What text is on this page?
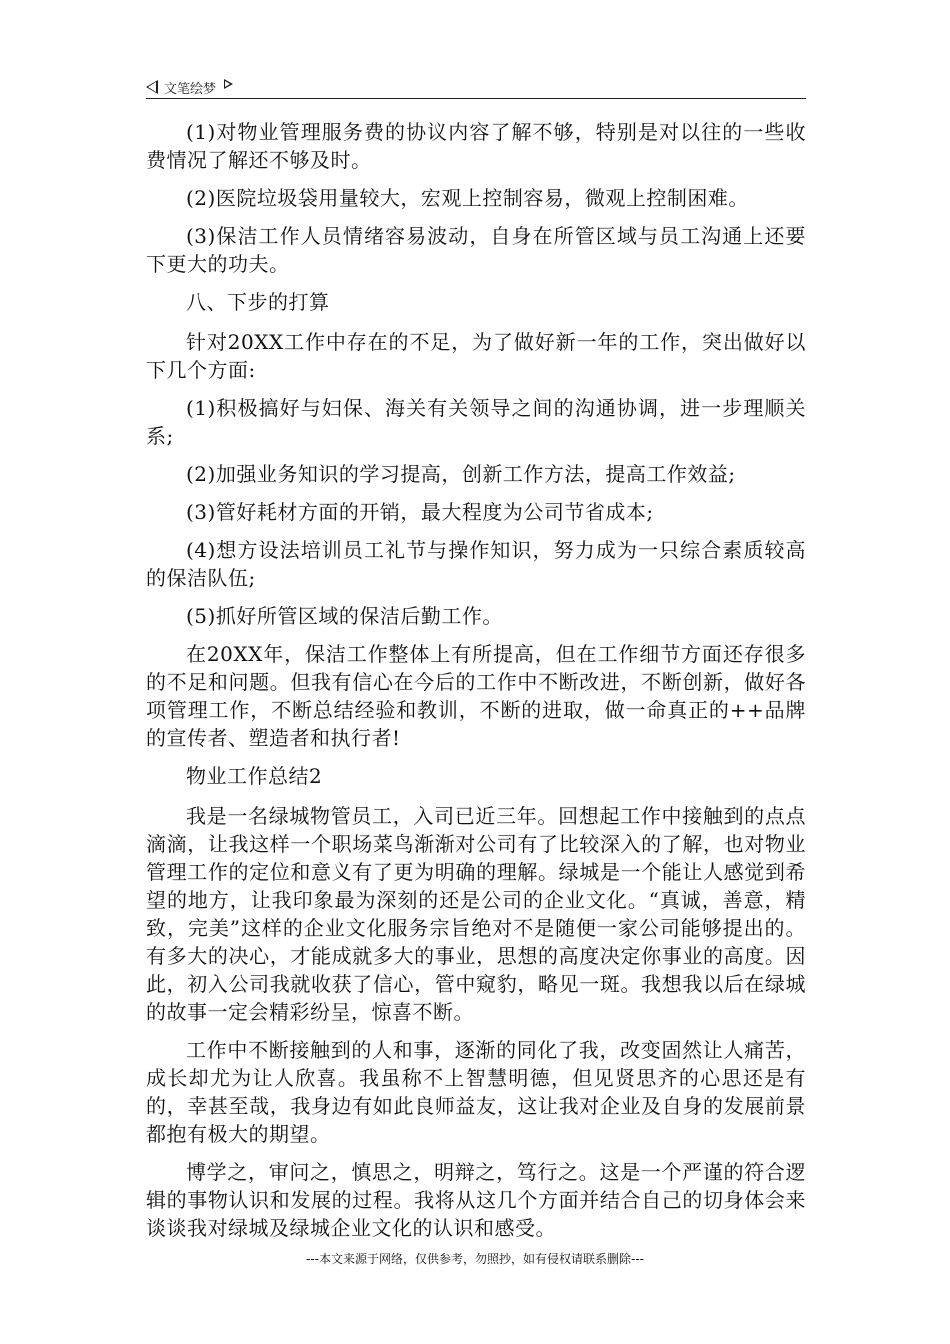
文笔绘梦

(1)对物业管理服务费的协议内容了解不够，特别是对以往的一些收费情况了解还不够及时。

(2)医院垃圾袋用量较大，宏观上控制容易，微观上控制困难。

(3)保洁工作人员情绪容易波动，自身在所管区域与员工沟通上还要下更大的功夫。

八、下步的打算

针对20XX工作中存在的不足，为了做好新一年的工作，突出做好以下几个方面:

(1)积极搞好与妇保、海关有关领导之间的沟通协调，进一步理顺关系;

(2)加强业务知识的学习提高，创新工作方法，提高工作效益;

(3)管好耗材方面的开销，最大程度为公司节省成本;

(4)想方设法培训员工礼节与操作知识，努力成为一只综合素质较高的保洁队伍;

(5)抓好所管区域的保洁后勤工作。

在20XX年，保洁工作整体上有所提高，但在工作细节方面还存很多的不足和问题。但我有信心在今后的工作中不断改进，不断创新，做好各项管理工作，不断总结经验和教训，不断的进取，做一命真正的++品牌的宣传者、塑造者和执行者!

物业工作总结2

我是一名绿城物管员工，入司已近三年。回想起工作中接触到的点点滴滴，让我这样一个职场菜鸟渐渐对公司有了比较深入的了解，也对物业管理工作的定位和意义有了更为明确的理解。绿城是一个能让人感觉到希望的地方，让我印象最为深刻的还是公司的企业文化。“真诚，善意，精致，完美”这样的企业文化服务宗旨绝对不是随便一家公司能够提出的。有多大的决心，才能成就多大的事业，思想的高度决定你事业的高度。因此，初入公司我就收获了信心，管中窥豹，略见一斑。我想我以后在绿城的故事一定会精彩纷呈，惊喜不断。

工作中不断接触到的人和事，逐渐的同化了我，改变固然让人痛苦，成长却尤为让人欣喜。我虽称不上智慧明德，但见贤思齐的心思还是有的，幸甚至哉，我身边有如此良师益友，这让我对企业及自身的发展前景都抱有极大的期望。

博学之，审问之，慎思之，明辩之，笃行之。这是一个严谨的符合逻辑的事物认识和发展的过程。我将从这几个方面并结合自己的切身体会来谈谈我对绿城及绿城企业文化的认识和感受。

---本文来源于网络，仅供参考，勿照抄，如有侵权请联系删除---
